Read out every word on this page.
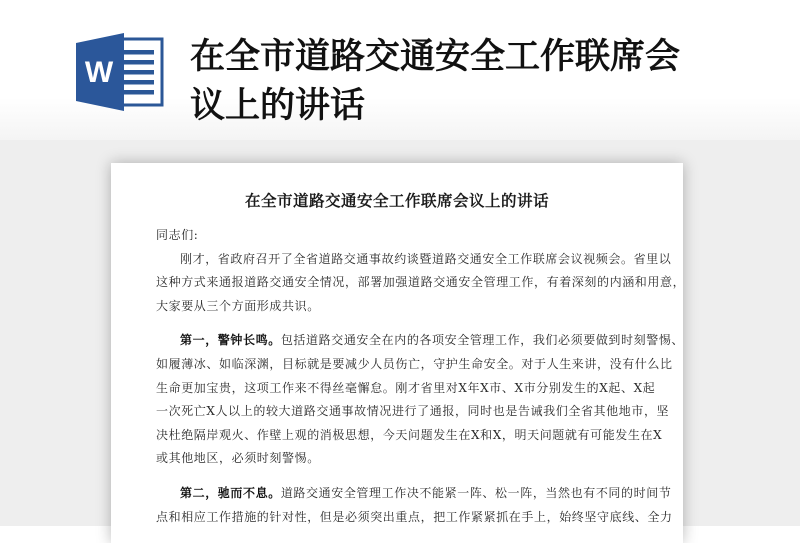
W 在全市道路交通安全工作联席会
议上的讲话
在全市道路交通安全工作联席会议上的讲话
同志们:
刚才，省政府召开了全省道路交通事故约谈暨道路交通安全工作联席会议视频会。省里以
这种方式来通报道路交通安全情况，部署加强道路交通安全管理工作，有着深刻的内涵和用意，
大家要从三个方面形成共识。
第一，警钟长鸣。包括道路交通安全在内的各项安全管理工作，我们必须要做到时刻警惕、
如履薄冰、如临深渊，目标就是要减少人员伤亡，守护生命安全。对于人生来讲，没有什么比
生命更加宝贵，这项工作来不得丝毫懈怠。刚才省里对X年X市、X市分别发生的X起、X起
一次死亡X人以上的较大道路交通事故情况进行了通报，同时也是告诫我们全省其他地市，坚
决杜绝隔岸观火、作壁上观的消极思想，今天问题发生在X和X，明天问题就有可能发生在X
或其他地区，必须时刻警惕。
第二，驰而不息。道路交通安全管理工作决不能紧一阵、松一阵，当然也有不同的时间节
点和相应工作措施的针对性，但是必须突出重点，把工作紧紧抓在手上，始终坚守底线、全力
